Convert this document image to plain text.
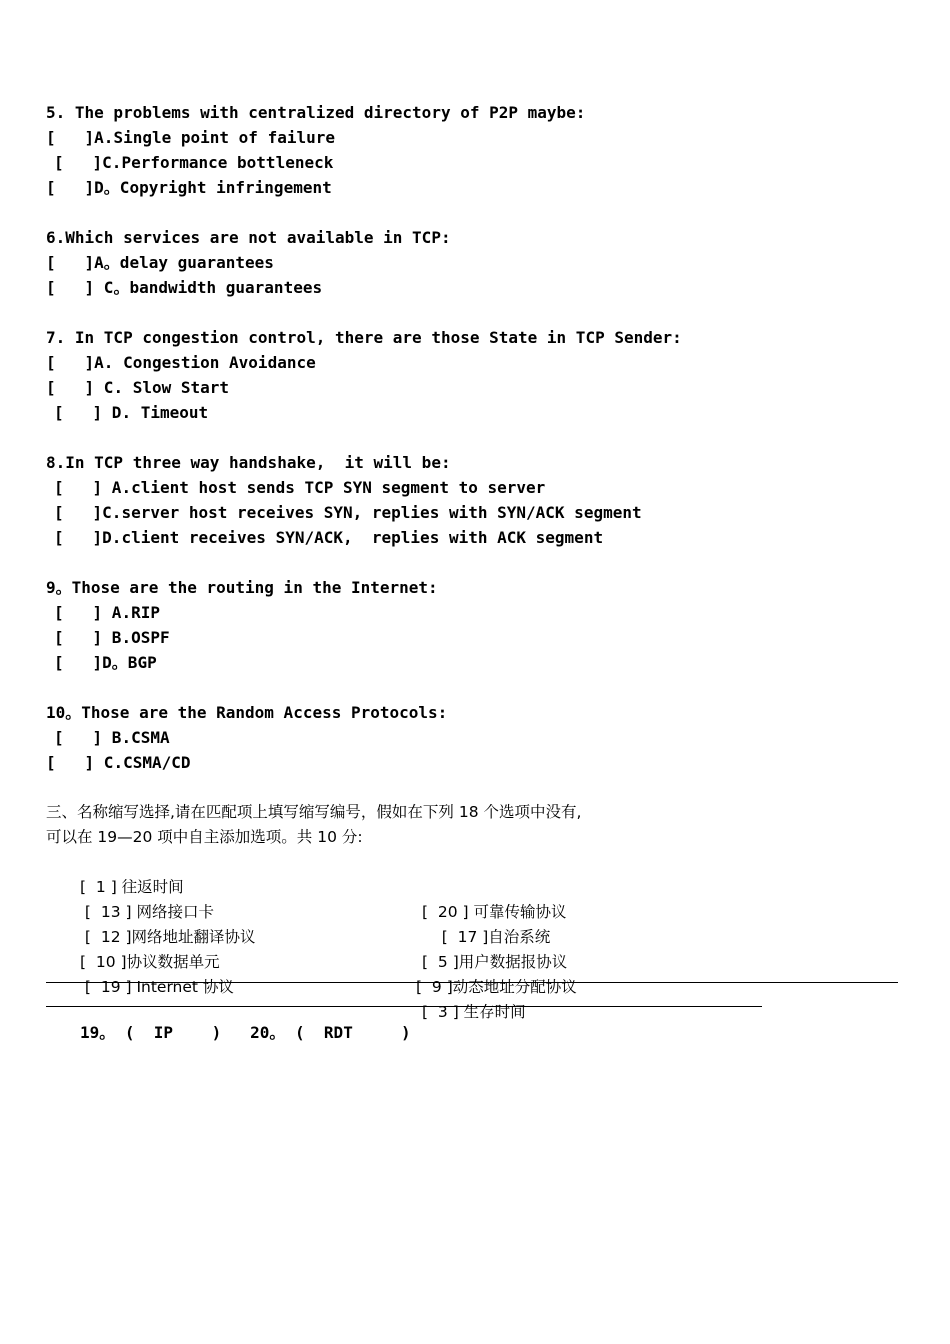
5. The problems with centralized directory of P2P maybe:
[   ]A.Single point of failure
[   ]C.Performance bottleneck
[   ]D。Copyright infringement
6.Which services are not available in TCP:
[   ]A。delay guarantees
[   ] C。bandwidth guarantees
7. In TCP congestion control, there are those State in TCP Sender:
[   ]A. Congestion Avoidance
[   ] C. Slow Start
[   ] D. Timeout
8.In TCP three way handshake,  it will be:
[   ] A.client host sends TCP SYN segment to server
[   ]C.server host receives SYN, replies with SYN/ACK segment
[   ]D.client receives SYN/ACK,  replies with ACK segment
9。Those are the routing in the Internet:
[   ] A.RIP
[   ] B.OSPF
[   ]D。BGP
10。Those are the Random Access Protocols:
[   ] B.CSMA
[   ] C.CSMA/CD
三、名称缩写选择,请在匹配项上填写缩写编号，假如在下列 18 个选项中没有,
可以在 19—20 项中自主添加选项。共 10 分:

[  1 ] 往返时间

[  20 ] 可靠传输协议

[  13 ] 网络接口卡

[  17 ]自治系统

[  12 ]网络地址翻译协议

[  5 ]用户数据报协议

[  10 ]协议数据单元

[  9 ]动态地址分配协议

[  19 ] Internet 协议

[  3 ] 生存时间

19。 (  IP    )   20。 (  RDT     )
